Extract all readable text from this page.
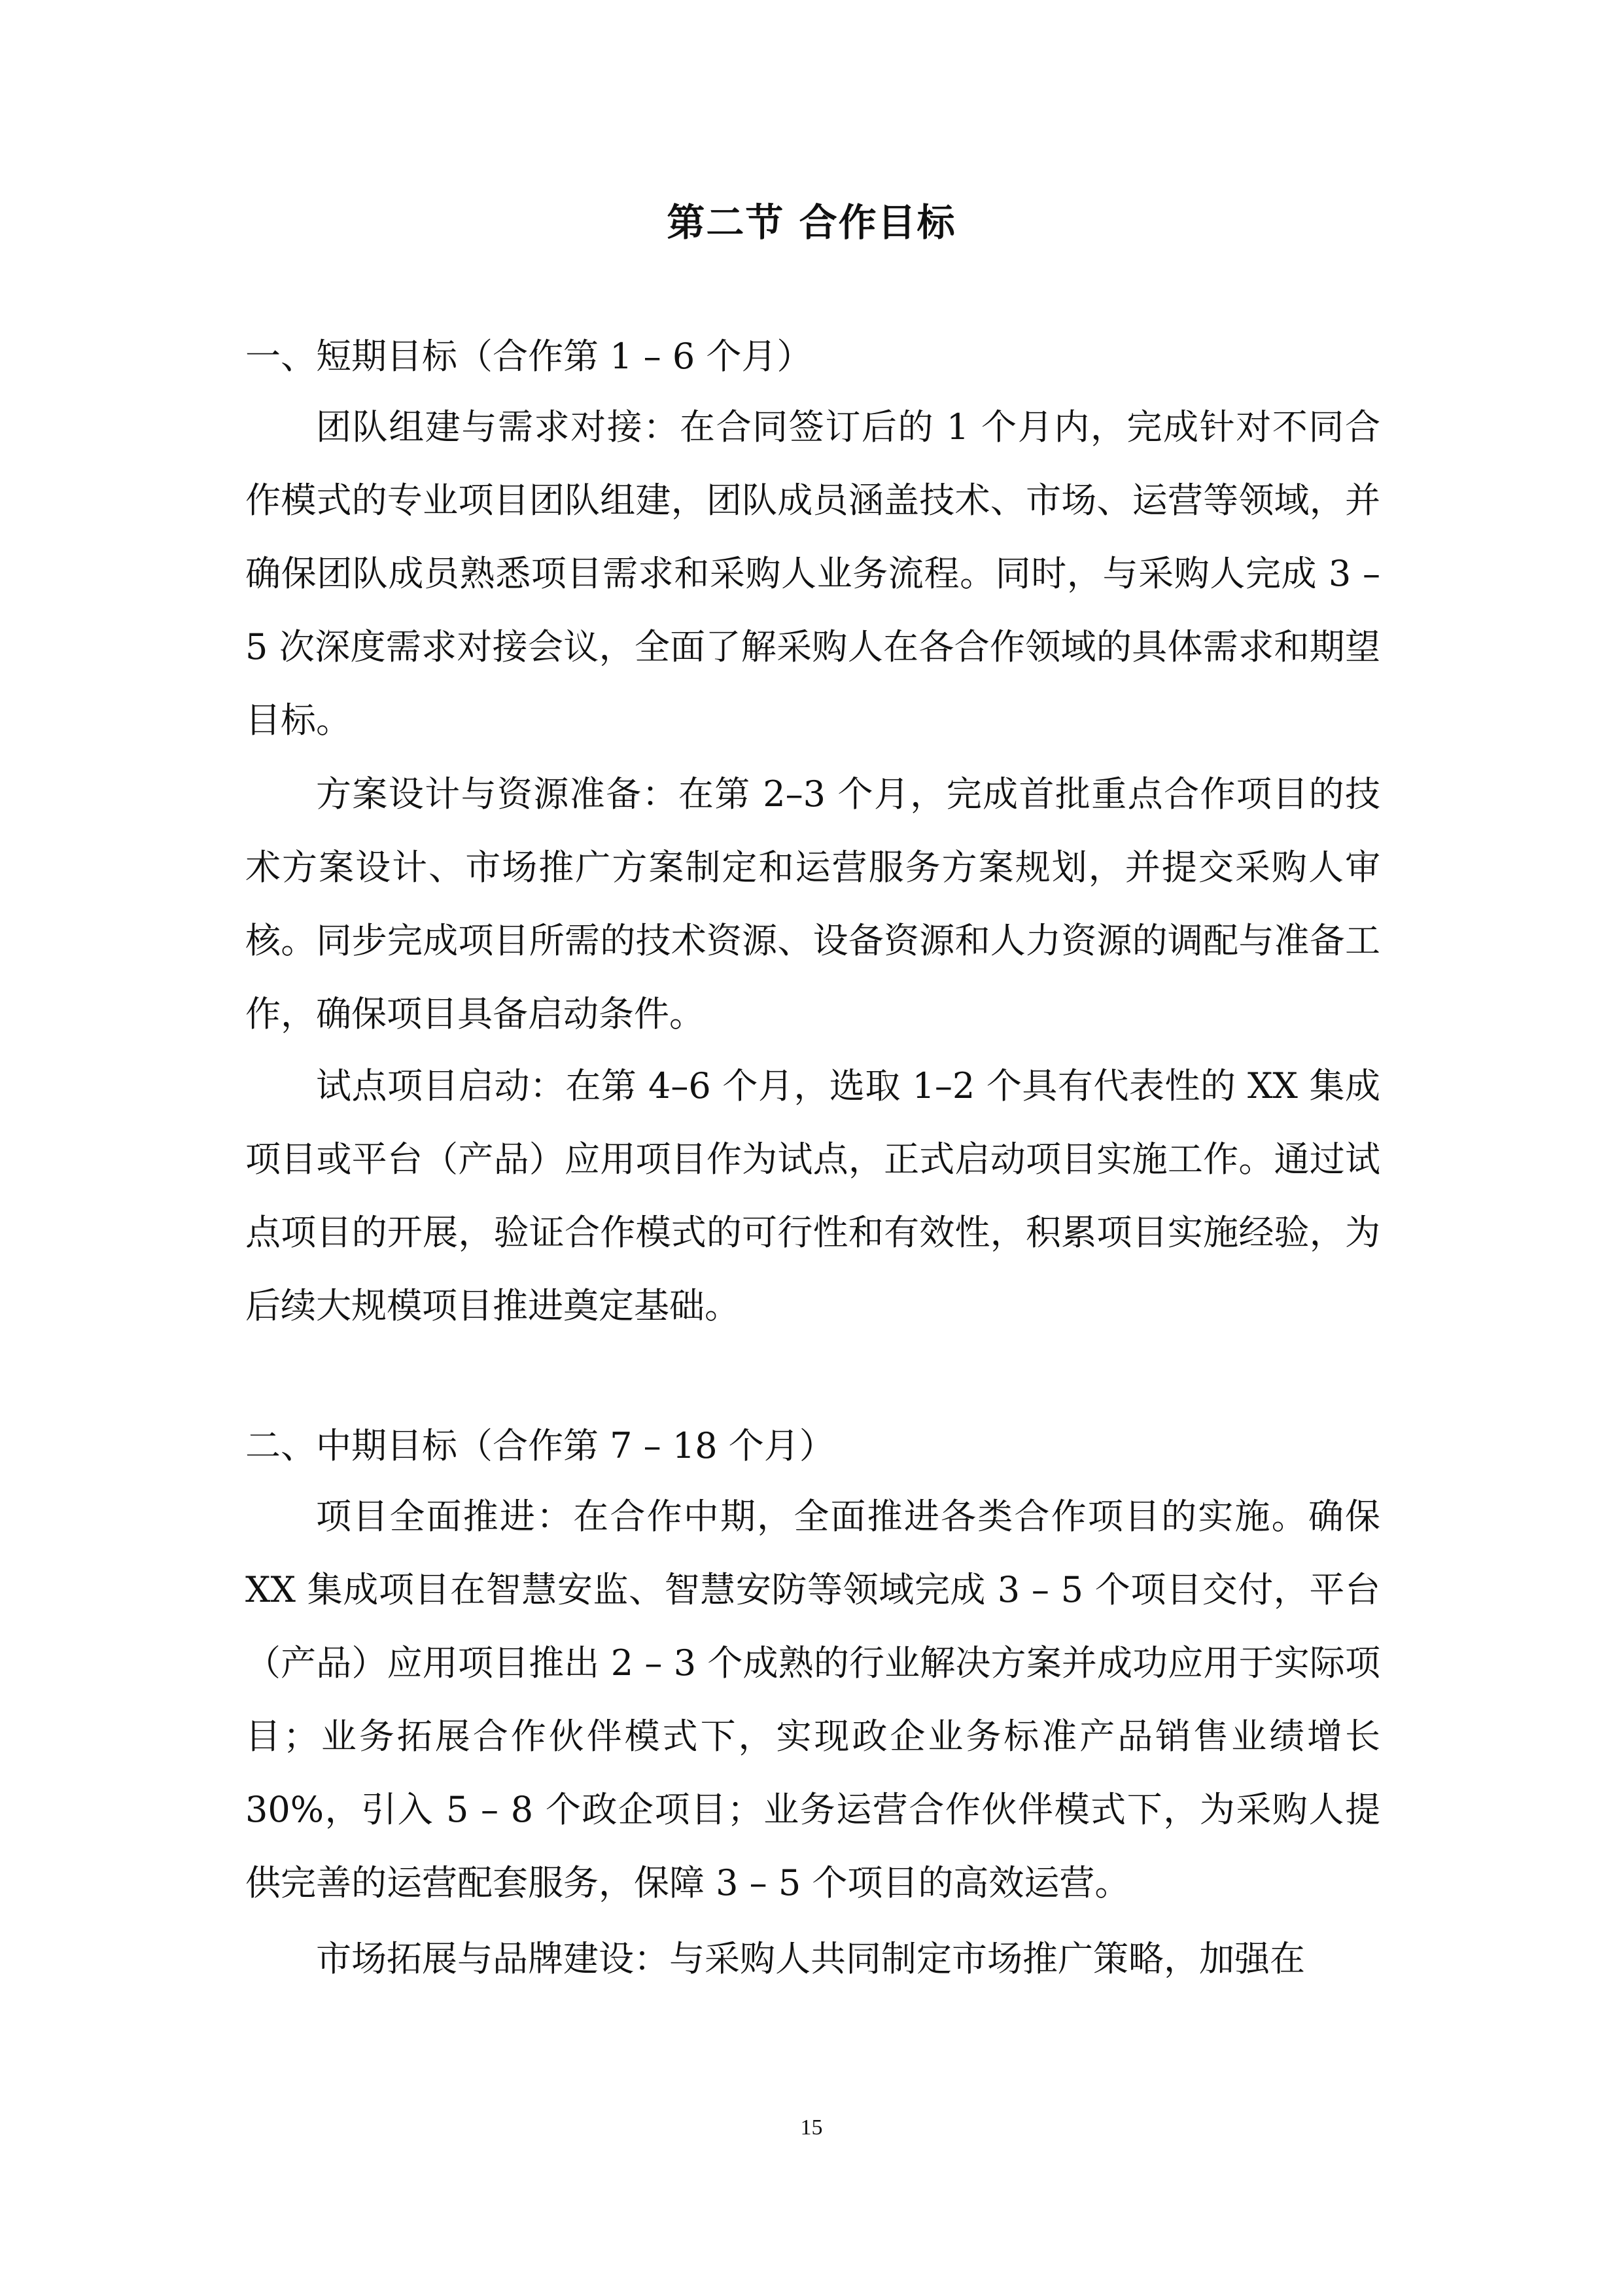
第二节 合作目标
一、短期目标（合作第 1 – 6 个月）

团队组建与需求对接：在合同签订后的 1 个月内，完成针对不同合作模式的专业项目团队组建，团队成员涵盖技术、市场、运营等领域，并确保团队成员熟悉项目需求和采购人业务流程。同时，与采购人完成 3 – 5 次深度需求对接会议，全面了解采购人在各合作领域的具体需求和期望目标。

方案设计与资源准备：在第 2–3 个月，完成首批重点合作项目的技术方案设计、市场推广方案制定和运营服务方案规划，并提交采购人审核。同步完成项目所需的技术资源、设备资源和人力资源的调配与准备工作，确保项目具备启动条件。

试点项目启动：在第 4–6 个月，选取 1–2 个具有代表性的 XX 集成项目或平台（产品）应用项目作为试点，正式启动项目实施工作。通过试点项目的开展，验证合作模式的可行性和有效性，积累项目实施经验，为后续大规模项目推进奠定基础。

二、中期目标（合作第 7 – 18 个月）

项目全面推进：在合作中期，全面推进各类合作项目的实施。确保 XX 集成项目在智慧安监、智慧安防等领域完成 3 – 5 个项目交付，平台（产品）应用项目推出 2 – 3 个成熟的行业解决方案并成功应用于实际项目；业务拓展合作伙伴模式下，实现政企业务标准产品销售业绩增长 30%，引入 5 – 8 个政企项目；业务运营合作伙伴模式下，为采购人提供完善的运营配套服务，保障 3 – 5 个项目的高效运营。

市场拓展与品牌建设：与采购人共同制定市场推广策略，加强在

15
